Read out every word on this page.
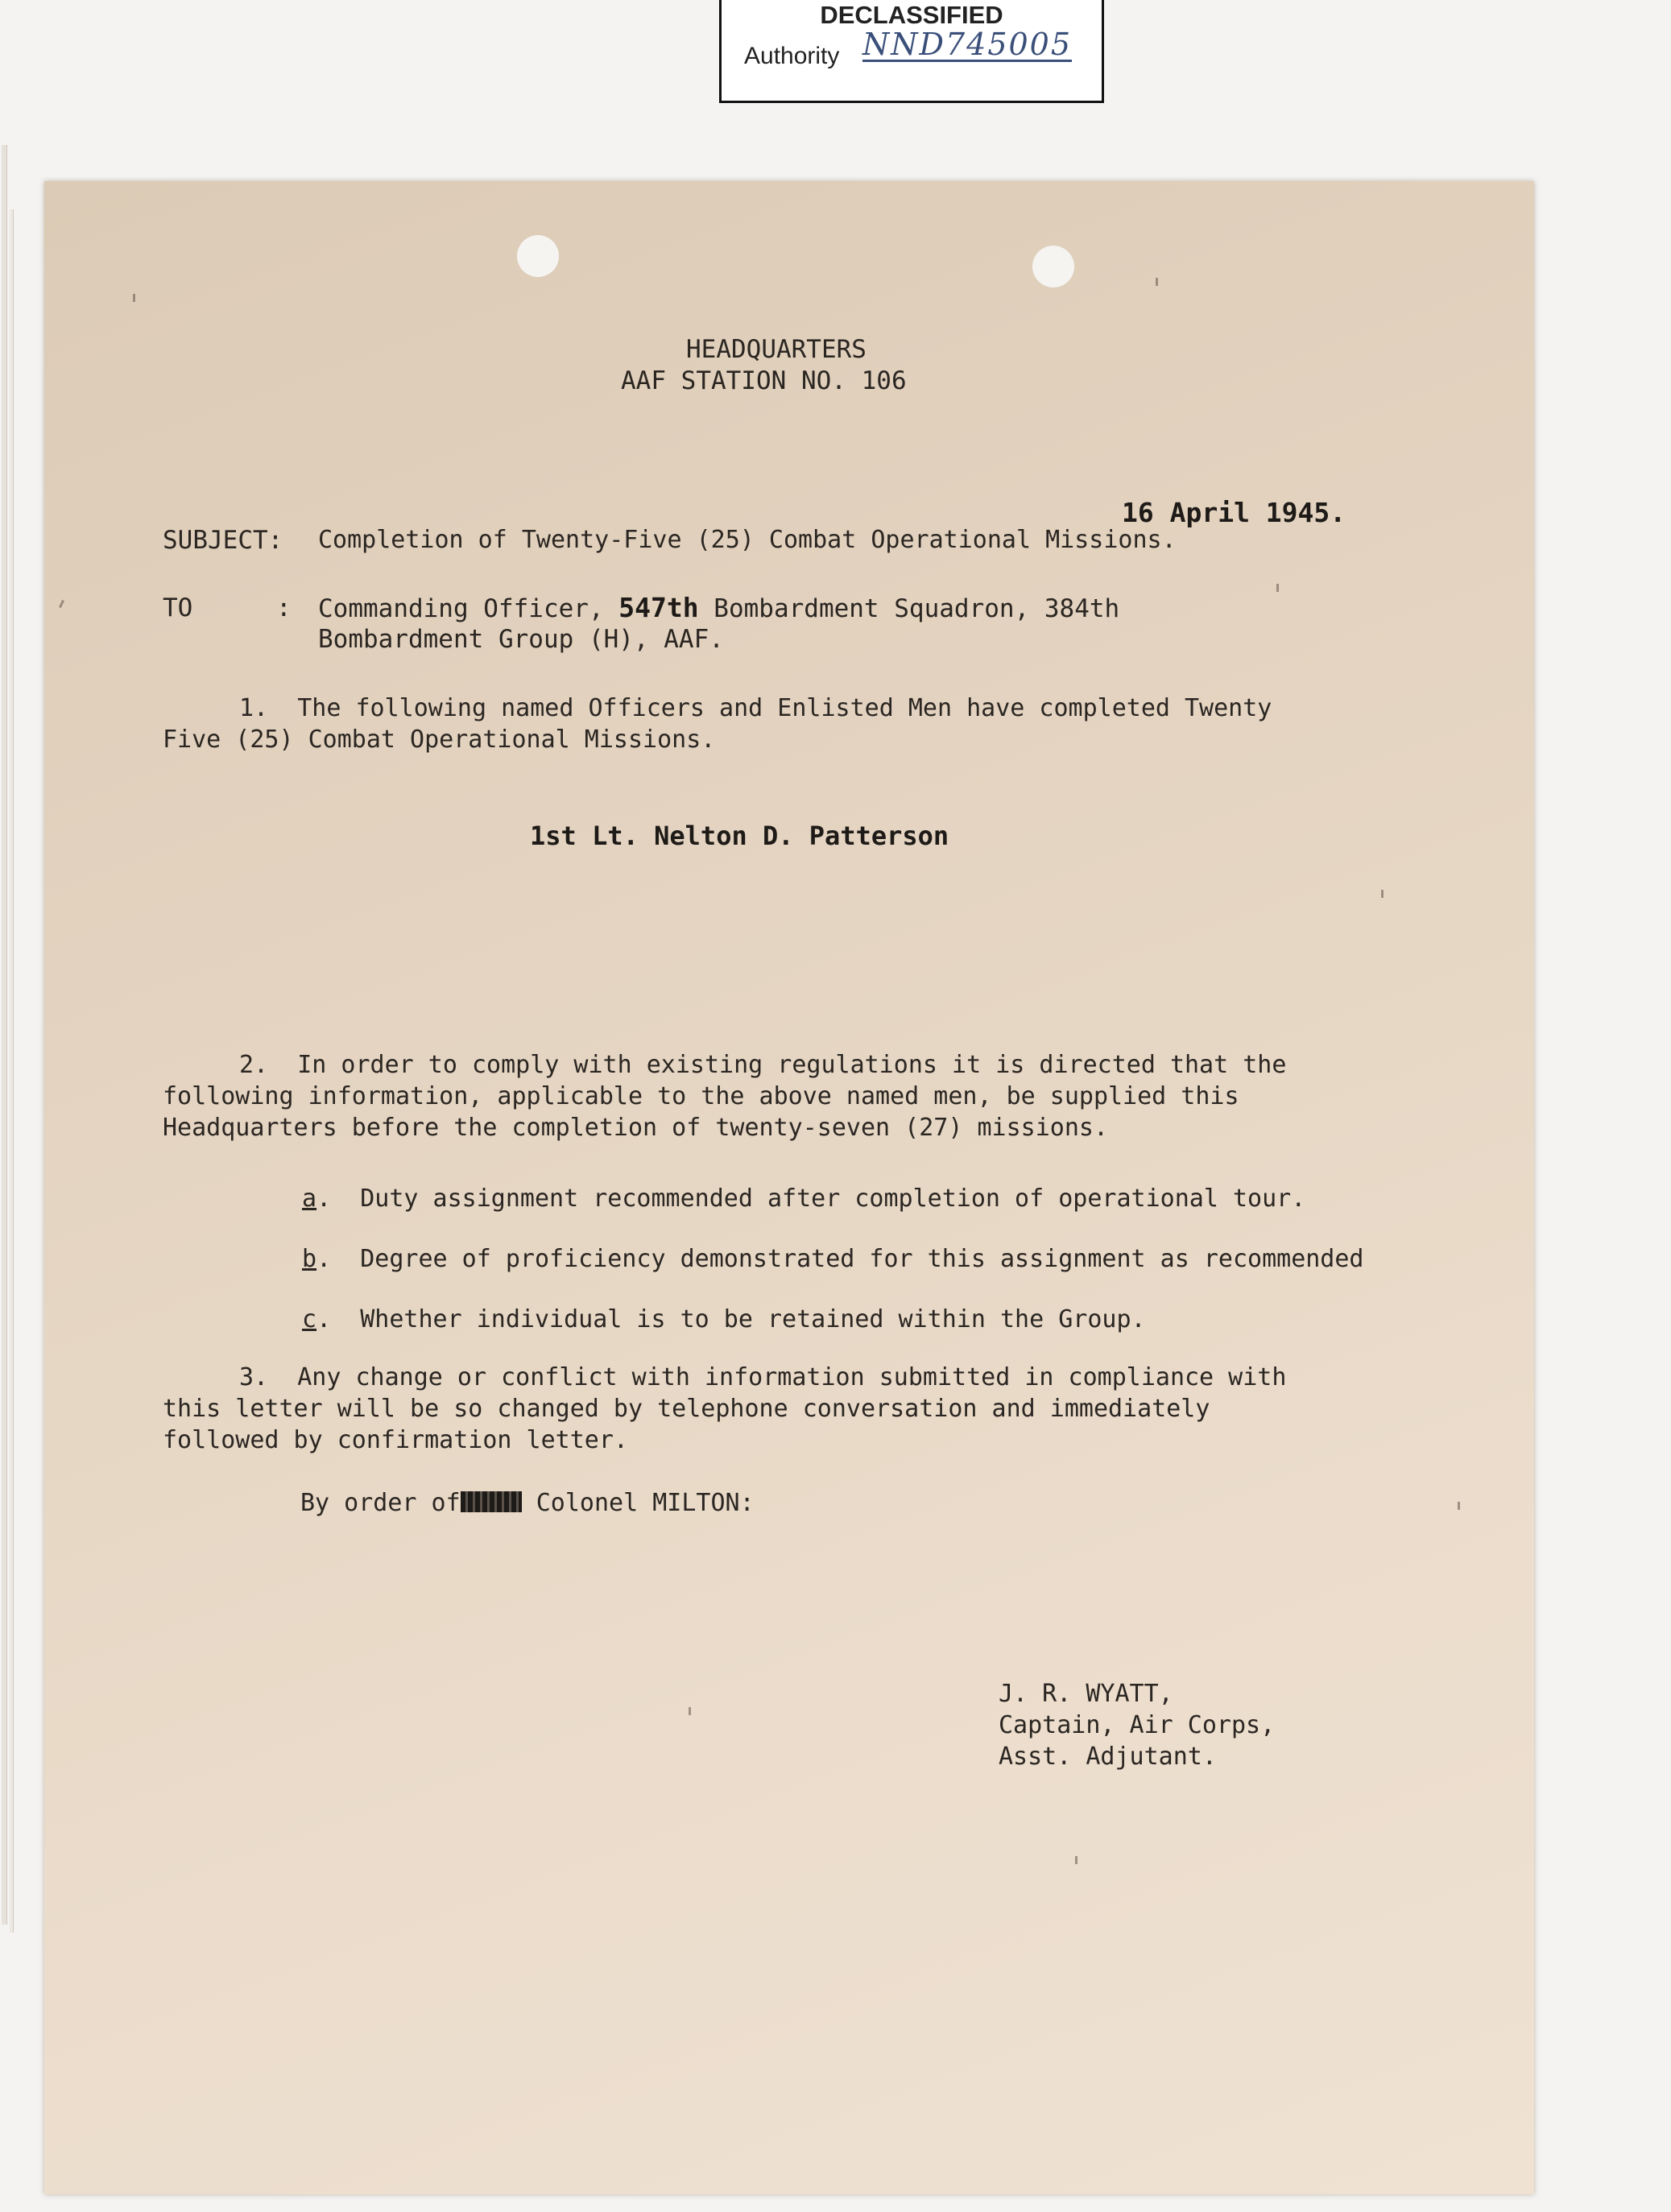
DECLASSIFIED
Authority NND745005
HEADQUARTERS
AAF STATION NO. 106
16 April 1945.
SUBJECT: Completion of Twenty-Five (25) Combat Operational Missions.
TO	: Commanding Officer, 547th Bombardment Squadron, 384th
Bombardment Group (H), AAF.
1.  The following named Officers and Enlisted Men have completed Twenty
Five (25) Combat Operational Missions.
1st Lt. Nelton D. Patterson
2.  In order to comply with existing regulations it is directed that the
following information, applicable to the above named men, be supplied this
Headquarters before the completion of twenty-seven (27) missions.
a. Duty assignment recommended after completion of operational tour.
b. Degree of proficiency demonstrated for this assignment as recommended
c. Whether individual is to be retained within the Group.
3.  Any change or conflict with information submitted in compliance with
this letter will be so changed by telephone conversation and immediately
followed by confirmation letter.
By order of	Colonel MILTON:
J. R. WYATT,
Captain, Air Corps,
Asst. Adjutant.
